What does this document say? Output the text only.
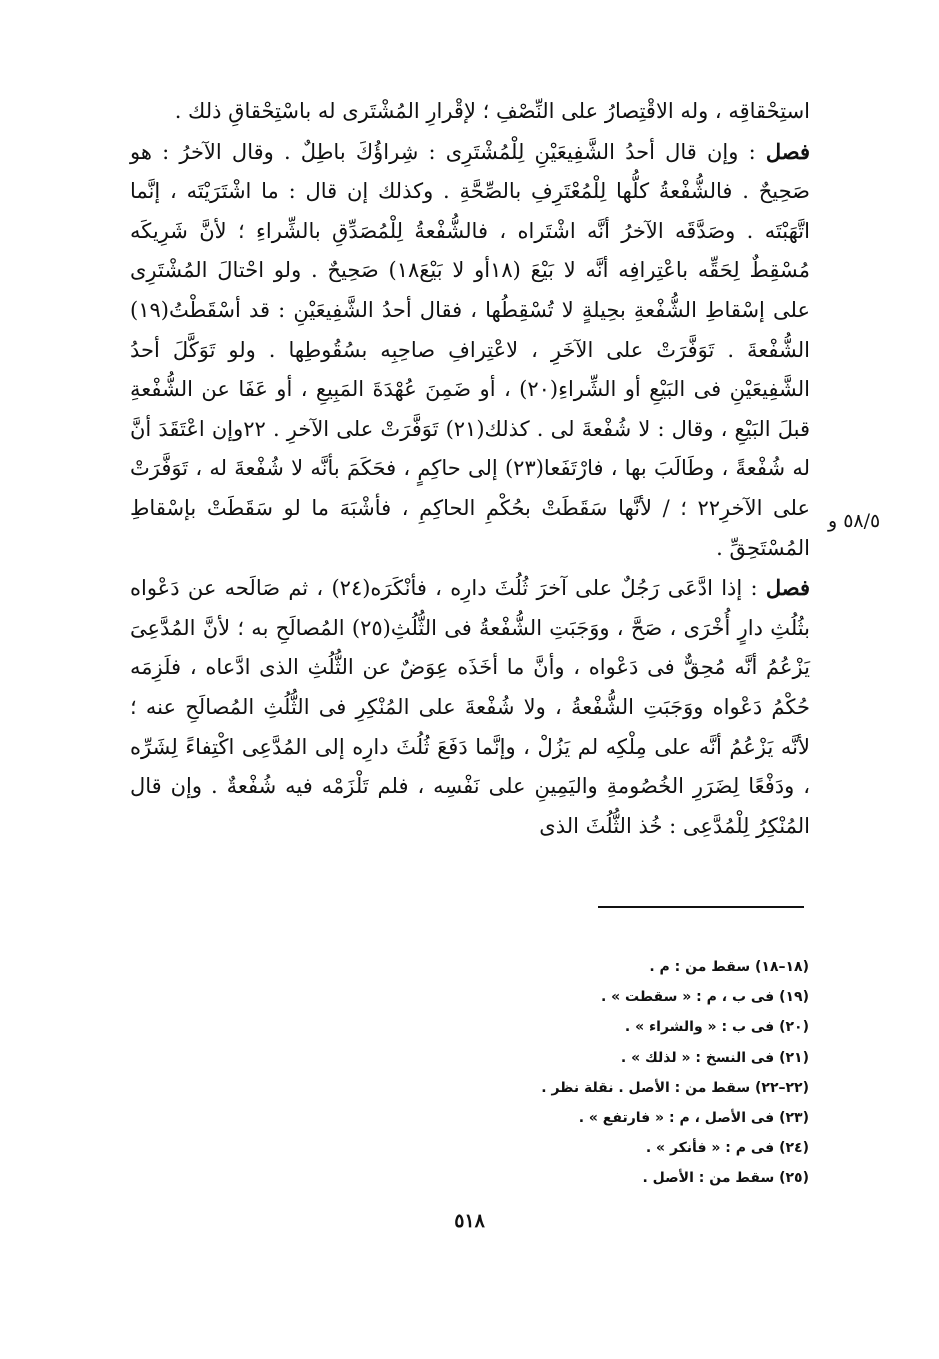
استِحْقاقِه ، وله الاقْتِصارُ على النِّصْفِ ؛ لإقْرارِ المُشْتَرى له باسْتِحْقاقِ ذلك .

فصل : وإن قال أحدُ الشَّفِيعَيْنِ لِلْمُشْتَرِى : شِراؤُكَ باطِلٌ . وقال الآخرُ : هو صَحِيحٌ . فالشُّفْعةُ كلُّها لِلْمُعْتَرِفِ بالصِّحَّةِ . وكذلك إن قال : ما اشْتَرَيْتَه ، إنَّما اتَّهَبْتَه . وصَدَّقَه الآخرُ أنَّه اشْتَراه ، فالشُّفْعةُ لِلْمُصَدِّقِ بالشِّراءِ ؛ لأنَّ شَرِيكَه مُسْقِطٌ لِحَقِّه باعْتِرافِه أنَّه لا بَيْعَ (١٨أو لا بَيْعَ١٨) صَحِيحٌ . ولو احْتالَ المُشْتَرِى على إسْقاطِ الشُّفْعةِ بحِيلةٍ لا تُسْقِطُها ، فقال أحدُ الشَّفِيعَيْنِ : قد أسْقَطْتُ(١٩) الشُّفْعةَ . تَوَفَّرَتْ على الآخَرِ ، لاعْتِرافِ صاحِبِه بسُقُوطِها . ولو تَوَكَّلَ أحدُ الشَّفِيعَيْنِ فى البَيْعِ أو الشِّراءِ(٢٠) ، أو ضَمِنَ عُهْدَةَ المَبِيعِ ، أو عَفَا عن الشُّفْعةِ قبلَ البَيْعِ ، وقال : لا شُفْعةَ لى . كذلك(٢١) تَوَفَّرَتْ على الآخرِ . ٢٢وإن اعْتَقَدَ أنَّ له شُفْعةً ، وطَالَبَ بها ، فارْتَفَعا(٢٣) إلى حاكِمٍ ، فحَكَمَ بأنَّه لا شُفْعةَ له ، تَوَفَّرَتْ على الآخرِ٢٢ ؛ / لأنَّها سَقَطَتْ بحُكْمِ الحاكِمِ ، فأشْبَهَ ما لو سَقَطَتْ بإسْقاطِ المُسْتَحِقِّ .

فصل : إذا ادَّعَى رَجُلٌ على آخرَ ثُلُثَ دارِه ، فأنْكَرَه(٢٤) ، ثم صَالَحه عن دَعْواه بثُلُثِ دارٍ أُخْرَى ، صَحَّ ، ووَجَبَتِ الشُّفْعةُ فى الثُّلُثِ(٢٥) المُصالَحِ به ؛ لأنَّ المُدَّعِىَ يَزْعُمُ أنَّه مُحِقٌّ فى دَعْواه ، وأنَّ ما أخَذَه عِوَضٌ عن الثُّلُثِ الذى ادَّعاه ، فلَزِمَه حُكْمُ دَعْواه ووَجَبَتِ الشُّفْعةُ ، ولا شُفْعةَ على المُنْكِرِ فى الثُّلُثِ المُصالَحِ عنه ؛ لأنَّه يَزْعُمُ أنَّه على مِلْكِه لم يَزُلْ ، وإنَّما دَفَعَ ثُلُثَ دارِه إلى المُدَّعِى اكْتِفاءً لِشَرِّه ، ودَفْعًا لِضَرَرِ الخُصُومةِ واليَمِينِ على نَفْسِه ، فلم تَلْزَمْه فيه شُفْعةٌ . وإن قال المُنْكِرُ لِلْمُدَّعِى : خُذ الثُّلُثَ الذى

٥٨/٥ و
(١٨–١٨) سقط من : م .
(١٩) فى ب ، م : « سقطت » .
(٢٠) فى ب : « والشراء » .
(٢١) فى النسخ : « لذلك » .
(٢٢–٢٢) سقط من : الأصل . نقلة نظر .
(٢٣) فى الأصل ، م : « فارتفع » .
(٢٤) فى م : « فأنكر » .
(٢٥) سقط من : الأصل .
٥١٨
